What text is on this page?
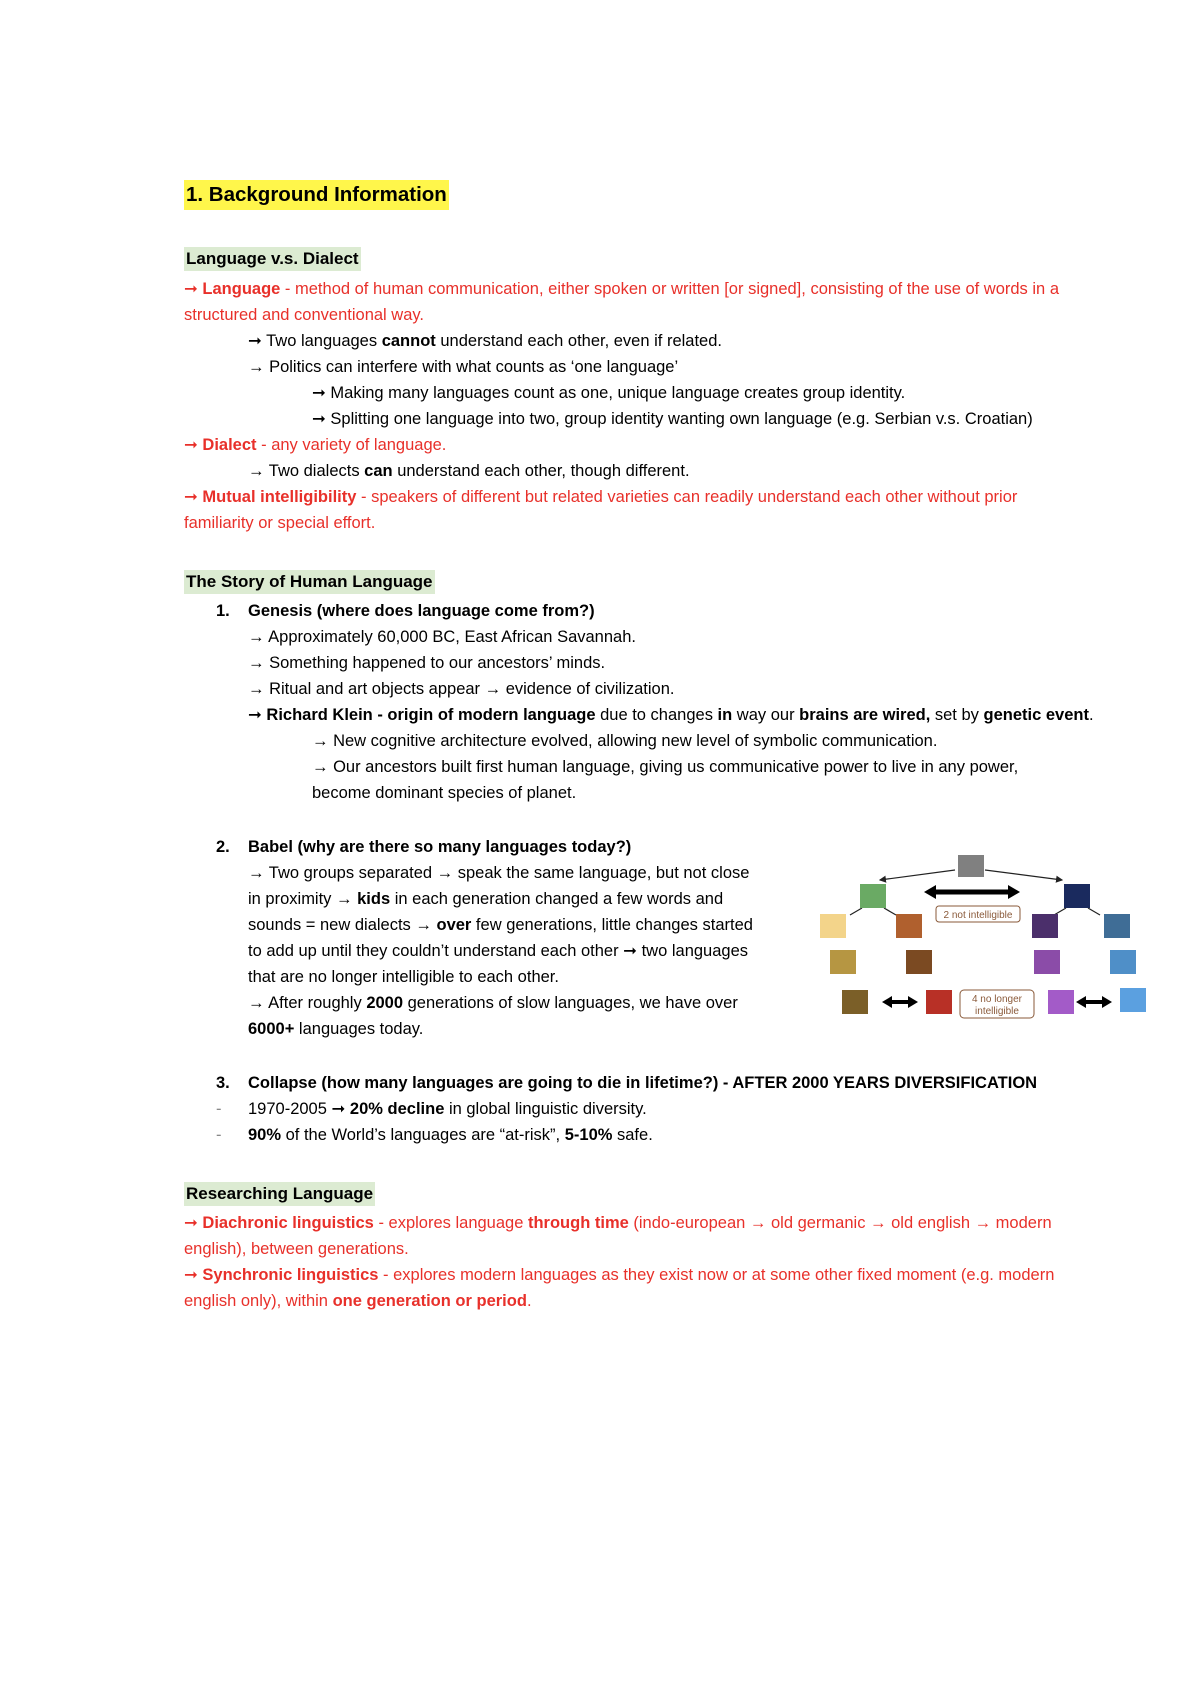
1. Background Information
Language v.s. Dialect
➞ Language - method of human communication, either spoken or written [or signed], consisting of the use of words in a
structured and conventional way.
➞ Two languages cannot understand each other, even if related.
→ Politics can interfere with what counts as ‘one language’
➞ Making many languages count as one, unique language creates group identity.
➞ Splitting one language into two, group identity wanting own language (e.g. Serbian v.s. Croatian)
➞ Dialect - any variety of language.
→ Two dialects can understand each other, though different.
➞ Mutual intelligibility - speakers of different but related varieties can readily understand each other without prior
familiarity or special effort.
The Story of Human Language
1. Genesis (where does language come from?)
→ Approximately 60,000 BC, East African Savannah.
→ Something happened to our ancestors’ minds.
→ Ritual and art objects appear → evidence of civilization.
➞ Richard Klein - origin of modern language due to changes in way our brains are wired, set by genetic event.
→ New cognitive architecture evolved, allowing new level of symbolic communication.
→ Our ancestors built first human language, giving us communicative power to live in any power,
become dominant species of planet.
2. Babel (why are there so many languages today?)
→ Two groups separated → speak the same language, but not close
in proximity → kids in each generation changed a few words and
sounds = new dialects → over few generations, little changes started
to add up until they couldn’t understand each other ➞ two languages
that are no longer intelligible to each other.
→ After roughly 2000 generations of slow languages, we have over
6000+ languages today.
3. Collapse (how many languages are going to die in lifetime?) - AFTER 2000 YEARS DIVERSIFICATION
- 1970-2005 ➞ 20% decline in global linguistic diversity.
- 90% of the World’s languages are “at-risk”, 5-10% safe.
Researching Language
➞ Diachronic linguistics - explores language through time (indo-european → old germanic → old english → modern
english), between generations.
➞ Synchronic linguistics - explores modern languages as they exist now or at some other fixed moment (e.g. modern
english only), within one generation or period.
2 not intelligible
4 no longer
intelligible
